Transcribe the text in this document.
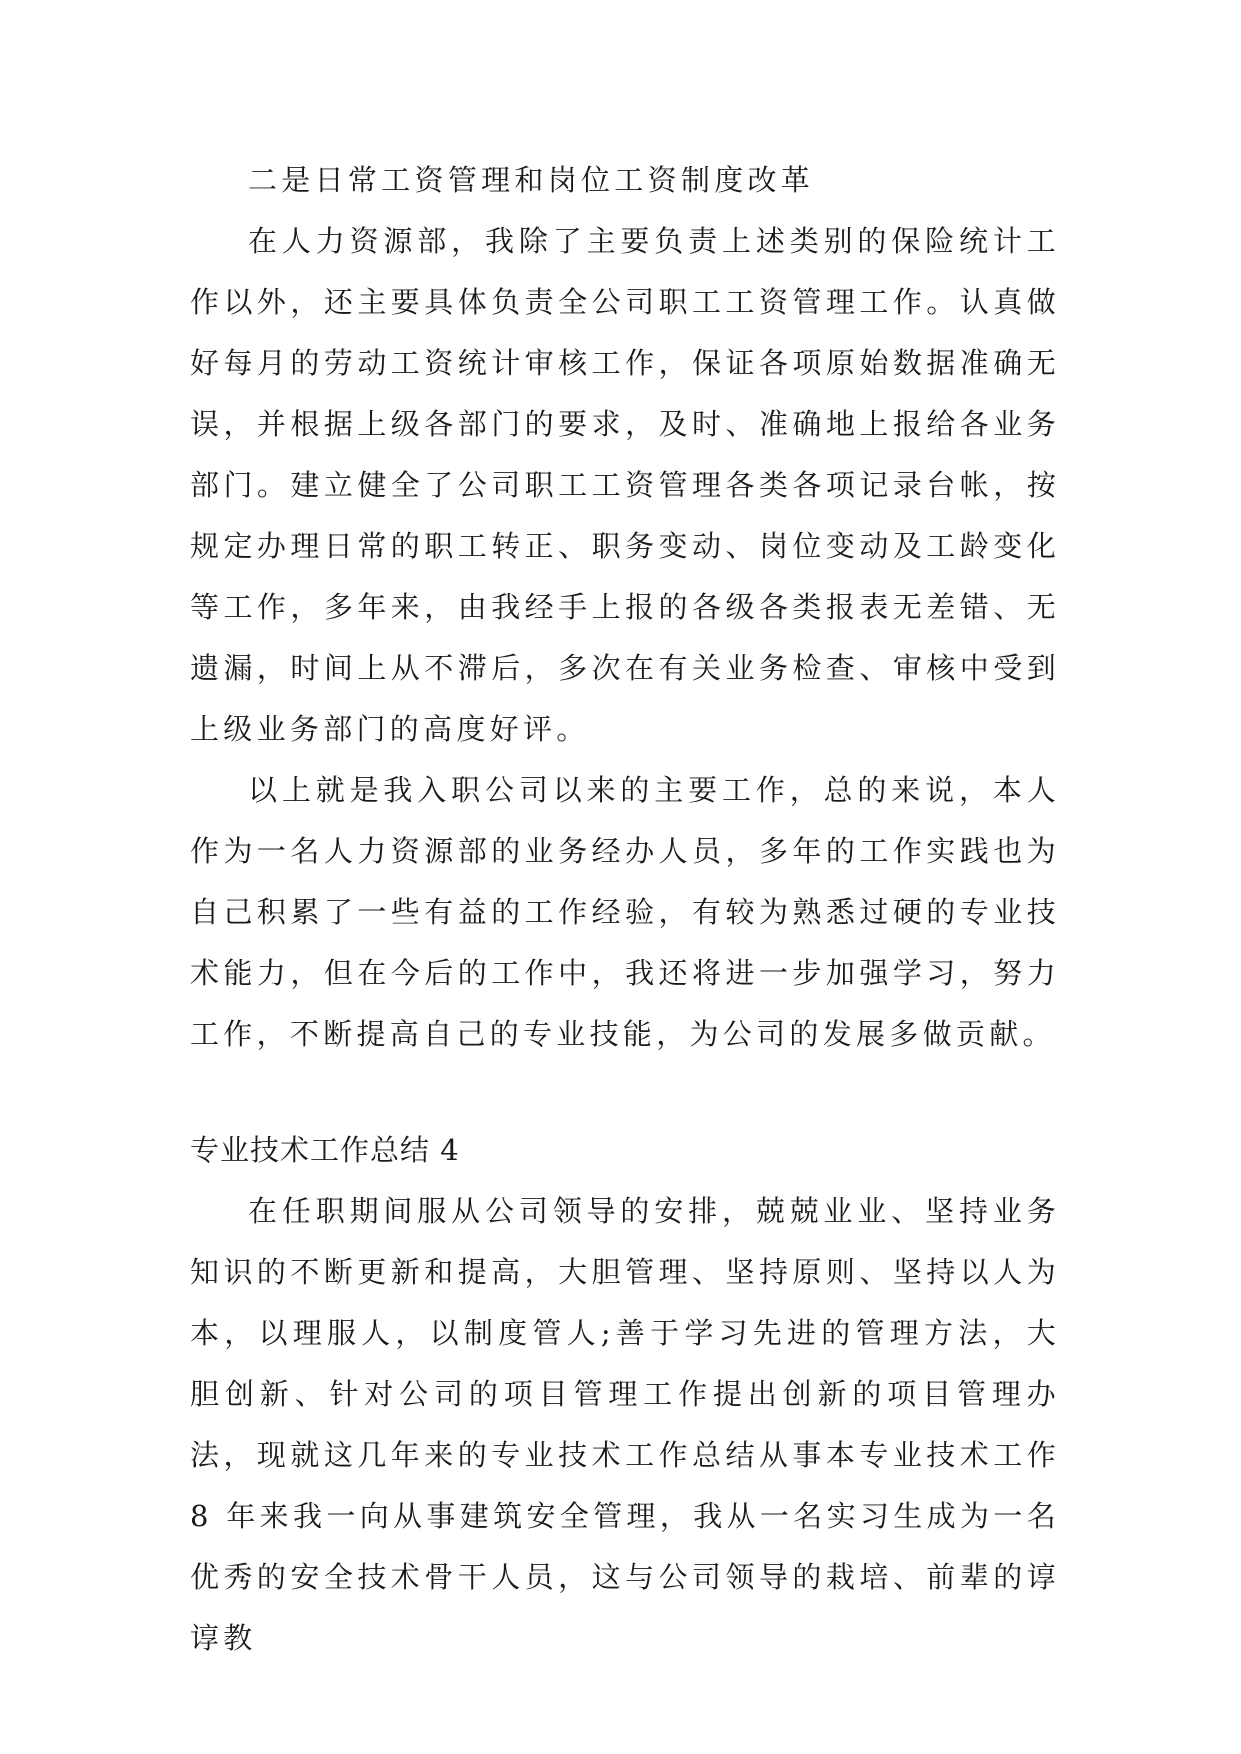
二是日常工资管理和岗位工资制度改革

在人力资源部，我除了主要负责上述类别的保险统计工作以外，还主要具体负责全公司职工工资管理工作。认真做好每月的劳动工资统计审核工作，保证各项原始数据准确无误，并根据上级各部门的要求，及时、准确地上报给各业务部门。建立健全了公司职工工资管理各类各项记录台帐，按规定办理日常的职工转正、职务变动、岗位变动及工龄变化等工作，多年来，由我经手上报的各级各类报表无差错、无遗漏，时间上从不滞后，多次在有关业务检查、审核中受到上级业务部门的高度好评。

以上就是我入职公司以来的主要工作，总的来说，本人作为一名人力资源部的业务经办人员，多年的工作实践也为自己积累了一些有益的工作经验，有较为熟悉过硬的专业技术能力，但在今后的工作中，我还将进一步加强学习，努力工作，不断提高自己的专业技能，为公司的发展多做贡献。

专业技术工作总结 4

在任职期间服从公司领导的安排，兢兢业业、坚持业务知识的不断更新和提高，大胆管理、坚持原则、坚持以人为本，以理服人，以制度管人;善于学习先进的管理方法，大胆创新、针对公司的项目管理工作提出创新的项目管理办法，现就这几年来的专业技术工作总结从事本专业技术工作 8 年来我一向从事建筑安全管理，我从一名实习生成为一名优秀的安全技术骨干人员，这与公司领导的栽培、前辈的谆谆教
